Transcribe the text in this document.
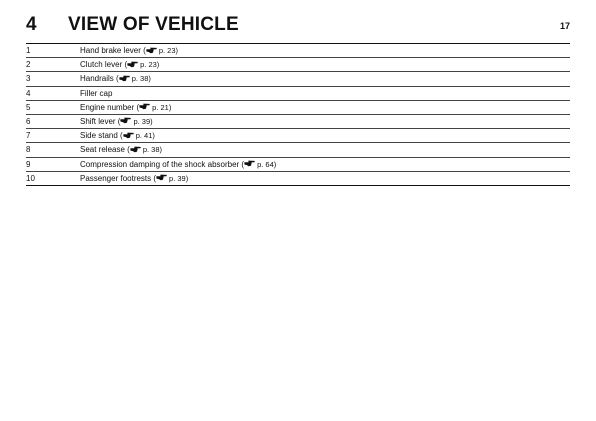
4 VIEW OF VEHICLE	17
1	Hand brake lever ( p. 23)
2	Clutch lever ( p. 23)
3	Handrails ( p. 38)
4	Filler cap
5	Engine number ( p. 21)
6	Shift lever ( p. 39)
7	Side stand ( p. 41)
8	Seat release ( p. 38)
9	Compression damping of the shock absorber ( p. 64)
10	Passenger footrests ( p. 39)
